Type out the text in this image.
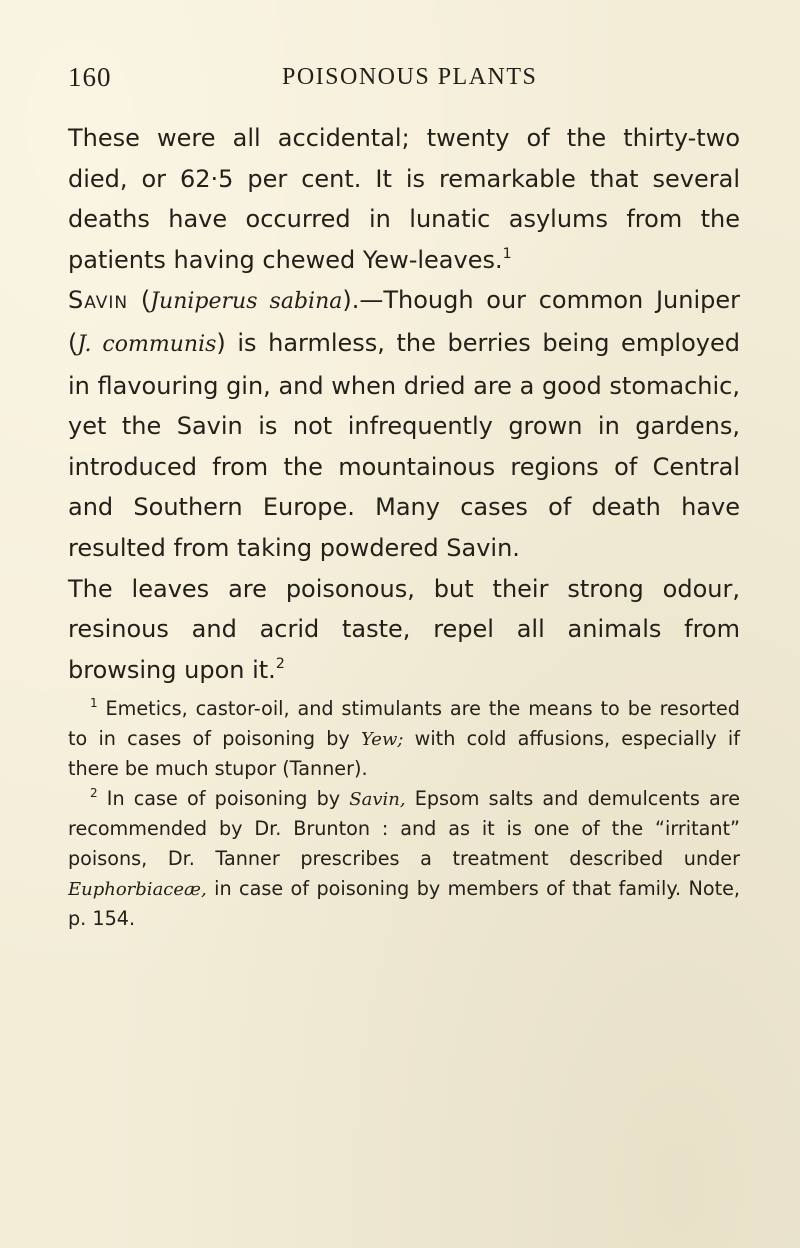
160	POISONOUS PLANTS

These were all accidental; twenty of the thirty-two died, or 62·5 per cent. It is remarkable that several deaths have occurred in lunatic asylums from the patients having chewed Yew-leaves.$^1$

Savin (Juniperus sabina).—Though our common Juniper (J. communis) is harmless, the berries being employed in flavouring gin, and when dried are a good stomachic, yet the Savin is not infrequently grown in gardens, introduced from the mountainous regions of Central and Southern Europe. Many cases of death have resulted from taking powdered Savin.

The leaves are poisonous, but their strong odour, resinous and acrid taste, repel all animals from browsing upon it.$^2$

$^1$ Emetics, castor-oil, and stimulants are the means to be resorted to in cases of poisoning by Yew; with cold affusions, especially if there be much stupor (Tanner).

$^2$ In case of poisoning by Savin, Epsom salts and demulcents are recommended by Dr. Brunton : and as it is one of the “irritant” poisons, Dr. Tanner prescribes a treatment described under Euphorbiaceæ, in case of poisoning by members of that family. Note, p. 154.
